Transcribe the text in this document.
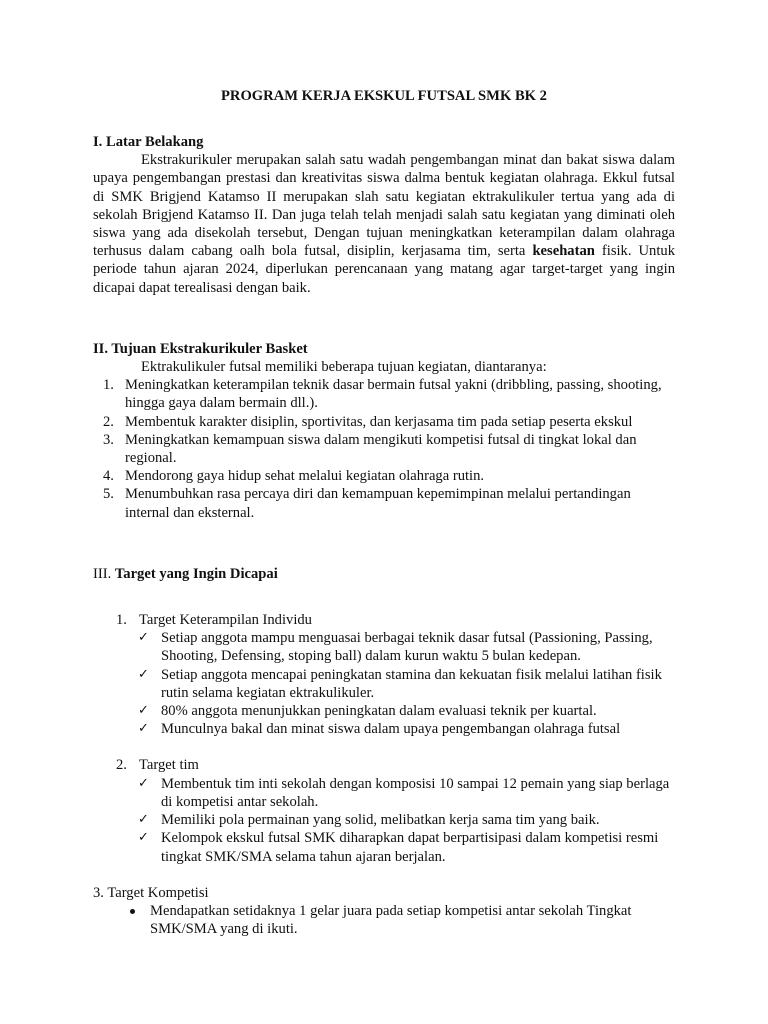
PROGRAM KERJA EKSKUL FUTSAL SMK BK 2
I. Latar Belakang

Ekstrakurikuler merupakan salah satu wadah pengembangan minat dan bakat siswa dalam upaya pengembangan prestasi dan kreativitas siswa dalma bentuk kegiatan olahraga. Ekkul futsal di SMK Brigjend Katamso II merupakan slah satu kegiatan ektrakulikuler tertua yang ada di sekolah Brigjend Katamso II. Dan juga telah telah menjadi salah satu kegiatan yang diminati oleh siswa yang ada disekolah tersebut, Dengan tujuan meningkatkan keterampilan dalam olahraga terhusus dalam cabang oalh bola futsal, disiplin, kerjasama tim, serta kesehatan fisik. Untuk periode tahun ajaran 2024, diperlukan perencanaan yang matang agar target-target yang ingin dicapai dapat terealisasi dengan baik.

II. Tujuan Ekstrakurikuler Basket

Ektrakulikuler futsal memiliki beberapa tujuan kegiatan, diantaranya:

1. Meningkatkan keterampilan teknik dasar bermain futsal yakni (dribbling, passing, shooting, hingga gaya dalam bermain dll.).
2. Membentuk karakter disiplin, sportivitas, dan kerjasama tim pada setiap peserta ekskul
3. Meningkatkan kemampuan siswa dalam mengikuti kompetisi futsal di tingkat lokal dan regional.
4. Mendorong gaya hidup sehat melalui kegiatan olahraga rutin.
5. Menumbuhkan rasa percaya diri dan kemampuan kepemimpinan melalui pertandingan internal dan eksternal.
III. Target yang Ingin Dicapai
1. Target Keterampilan Individu
✓ Setiap anggota mampu menguasai berbagai teknik dasar futsal (Passioning, Passing, Shooting, Defensing, stoping ball) dalam kurun waktu 5 bulan kedepan.
✓ Setiap anggota mencapai peningkatan stamina dan kekuatan fisik melalui latihan fisik rutin selama kegiatan ektrakulikuler.
✓ 80% anggota menunjukkan peningkatan dalam evaluasi teknik per kuartal.
✓ Munculnya bakal dan minat siswa dalam upaya pengembangan olahraga futsal
2. Target tim
✓ Membentuk tim inti sekolah dengan komposisi 10 sampai 12 pemain yang siap berlaga di kompetisi antar sekolah.
✓ Memiliki pola permainan yang solid, melibatkan kerja sama tim yang baik.
✓ Kelompok ekskul futsal SMK diharapkan dapat berpartisipasi dalam kompetisi resmi tingkat SMK/SMA selama tahun ajaran berjalan.
3. Target Kompetisi
Mendapatkan setidaknya 1 gelar juara pada setiap kompetisi antar sekolah Tingkat SMK/SMA yang di ikuti.
